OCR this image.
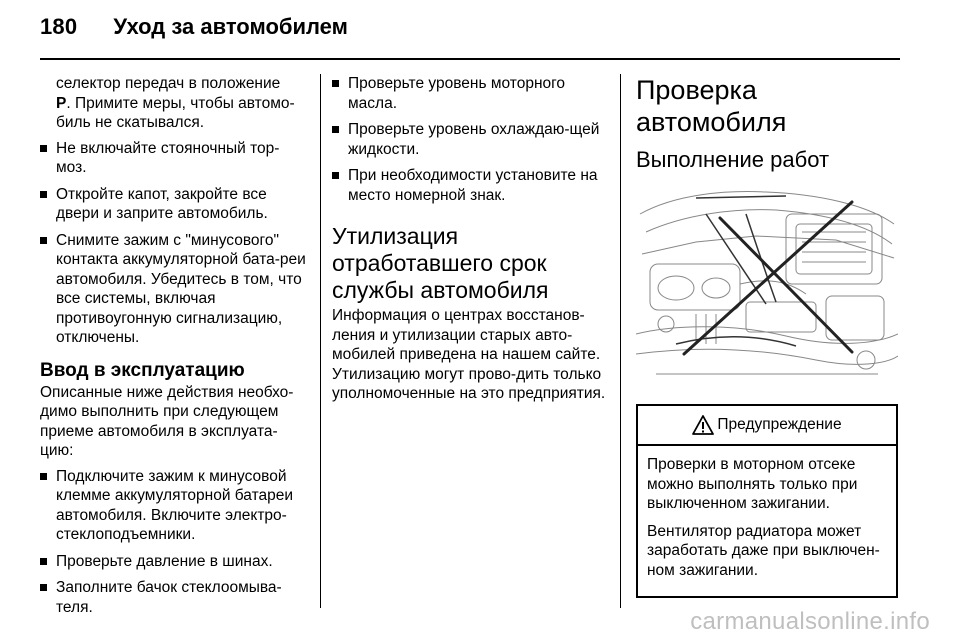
180 Уход за автомобилем
селектор передач в положение
P. Примите меры, чтобы автомо-биль не скатывался.
Не включайте стояночный тор-моз.
Откройте капот, закройте все двери и заприте автомобиль.
Снимите зажим с "минусового" контакта аккумуляторной бата-реи автомобиля. Убедитесь в том, что все системы, включая противоугонную сигнализацию, отключены.
Ввод в эксплуатацию
Описанные ниже действия необхо-димо выполнить при следующем приеме автомобиля в эксплуата-цию:
Подключите зажим к минусовой клемме аккумуляторной батареи автомобиля. Включите электро-стеклоподъемники.
Проверьте давление в шинах.
Заполните бачок стеклоомыва-теля.
Проверьте уровень моторного масла.
Проверьте уровень охлаждаю-щей жидкости.
При необходимости установите на место номерной знак.
Утилизация отработавшего срок службы автомобиля
Информация о центрах восстанов-ления и утилизации старых авто-мобилей приведена на нашем сайте. Утилизацию могут прово-дить только уполномоченные на это предприятия.
Проверка автомобиля
Выполнение работ
Предупреждение
Проверки в моторном отсеке можно выполнять только при выключенном зажигании.
Вентилятор радиатора может заработать даже при выключен-ном зажигании.
carmanualsonline.info
